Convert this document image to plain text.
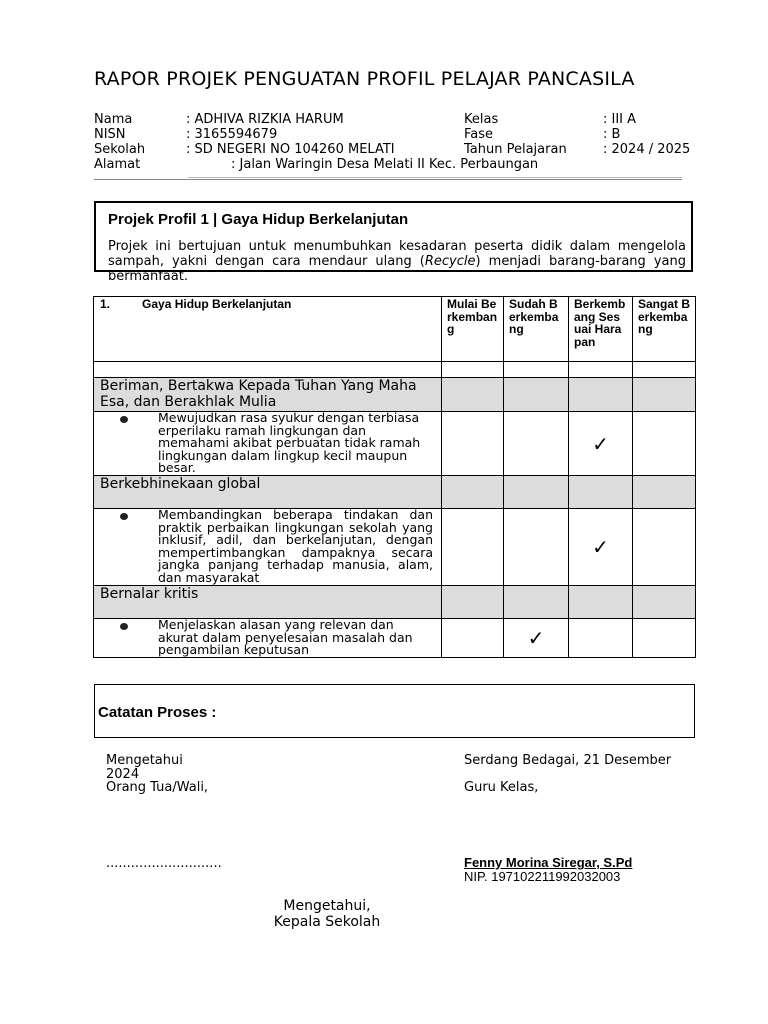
RAPOR PROJEK PENGUATAN PROFIL PELAJAR PANCASILA
Nama	: ADHIVA RIZKIA HARUM
NISN	: 3165594679
Sekolah	: SD NEGERI NO 104260 MELATI
Alamat	: Jalan Waringin Desa Melati II Kec. Perbaungan
Kelas	: III A
Fase	: B
Tahun Pelajaran	: 2024 / 2025
Projek Profil 1 | Gaya Hidup Berkelanjutan
Projek ini bertujuan untuk menumbuhkan kesadaran peserta didik dalam mengelola sampah, yakni dengan cara mendaur ulang (Recycle) menjadi barang-barang yang bermanfaat.
1. Gaya Hidup Berkelanjutan	Mulai Berkembang	Sudah Berkembang	Berkembang Sesuai Harapan	Sangat Berkembang

Beriman, Bertakwa Kepada Tuhan Yang Maha Esa, dan Berakhlak Mulia				

Mewujudkan rasa syukur dengan terbiasa erperilaku ramah lingkungan dan memahami akibat perbuatan tidak ramah lingkungan dalam lingkup kecil maupun besar.			✓	
Berkebhinekaan global				

Membandingkan beberapa tindakan dan praktik perbaikan lingkungan sekolah yang inklusif, adil, dan berkelanjutan, dengan mempertimbangkan dampaknya secara jangka panjang terhadap manusia, alam, dan masyarakat			✓	
Bernalar kritis				

Menjelaskan alasan yang relevan dan akurat dalam penyelesaian masalah dan pengambilan keputusan		✓		
Catatan Proses :
Mengetahui
2024
Orang Tua/Wali,
............................
Serdang Bedagai, 21 Desember
Guru Kelas,
Fenny Morina Siregar, S.Pd
NIP. 197102211992032003
Mengetahui,
Kepala Sekolah
